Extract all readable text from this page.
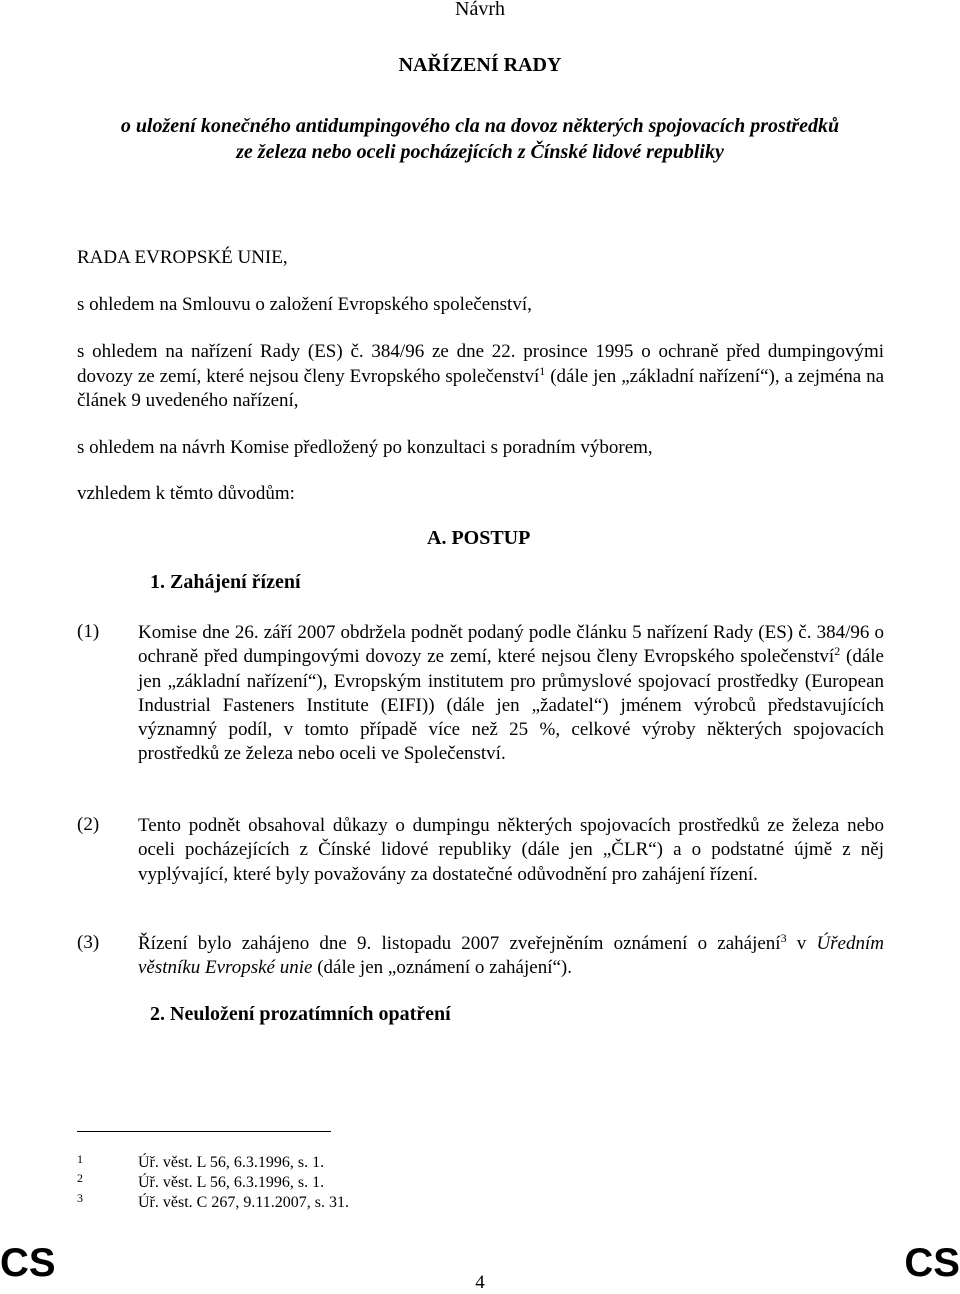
Návrh
NAŘÍZENÍ RADY
o uložení konečného antidumpingového cla na dovoz některých spojovacích prostředků
ze železa nebo oceli pocházejících z Čínské lidové republiky
RADA EVROPSKÉ UNIE,
s ohledem na Smlouvu o založení Evropského společenství,
s ohledem na nařízení Rady (ES) č. 384/96 ze dne 22. prosince 1995 o ochraně před dumpingovými dovozy ze zemí, které nejsou členy Evropského společenství$^1$ (dále jen „základní nařízení“), a zejména na článek 9 uvedeného nařízení,
s ohledem na návrh Komise předložený po konzultaci s poradním výborem,
vzhledem k těmto důvodům:
A. POSTUP
1. Zahájení řízení
(1) Komise dne 26. září 2007 obdržela podnět podaný podle článku 5 nařízení Rady (ES) č. 384/96 o ochraně před dumpingovými dovozy ze zemí, které nejsou členy Evropského společenství$^2$ (dále jen „základní nařízení“), Evropským institutem pro průmyslové spojovací prostředky (European Industrial Fasteners Institute (EIFI)) (dále jen „žadatel“) jménem výrobců představujících významný podíl, v tomto případě více než 25 %, celkové výroby některých spojovacích prostředků ze železa nebo oceli ve Společenství.
(2) Tento podnět obsahoval důkazy o dumpingu některých spojovacích prostředků ze železa nebo oceli pocházejících z Čínské lidové republiky (dále jen „ČLR“) a o podstatné újmě z něj vyplývající, které byly považovány za dostatečné odůvodnění pro zahájení řízení.
(3) Řízení bylo zahájeno dne 9. listopadu 2007 zveřejněním oznámení o zahájení$^3$ v Úředním věstníku Evropské unie (dále jen „oznámení o zahájení“).
2. Neuložení prozatímních opatření
1	Úř. věst. L 56, 6.3.1996, s. 1.
2	Úř. věst. L 56, 6.3.1996, s. 1.
3	Úř. věst. C 267, 9.11.2007, s. 31.
CS	CS
4
